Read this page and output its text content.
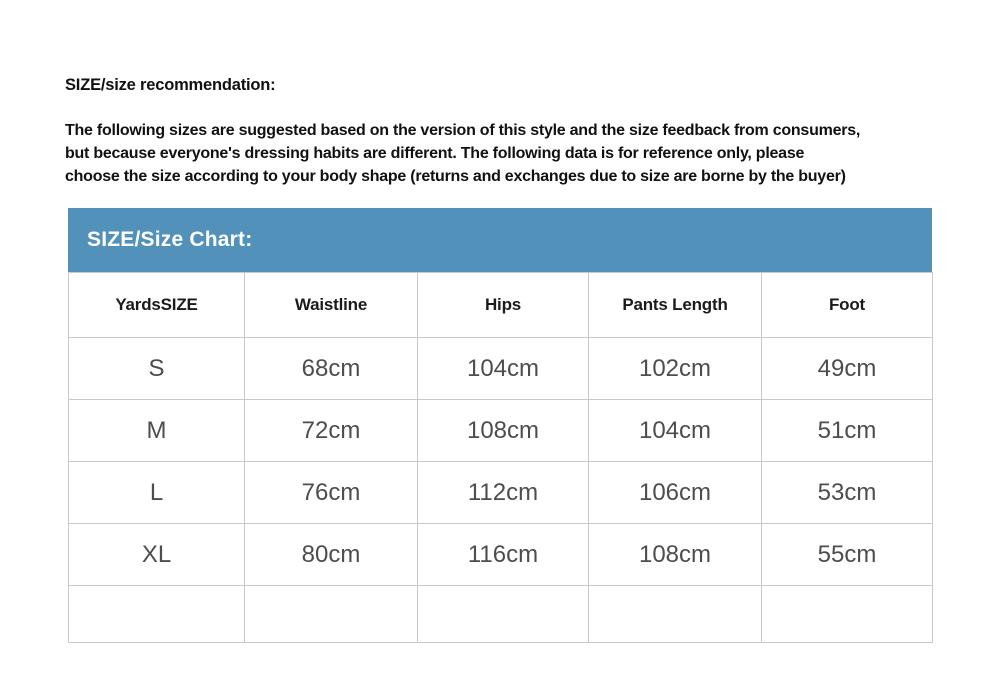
SIZE/size recommendation:
The following sizes are suggested based on the version of this style and the size feedback from consumers,
but because everyone's dressing habits are different. The following data is for reference only, please
choose the size according to your body shape (returns and exchanges due to size are borne by the buyer)
SIZE/Size Chart:
YardsSIZE	Waistline	Hips	Pants Length	Foot
S	68cm	104cm	102cm	49cm
M	72cm	108cm	104cm	51cm
L	76cm	112cm	106cm	53cm
XL	80cm	116cm	108cm	55cm
